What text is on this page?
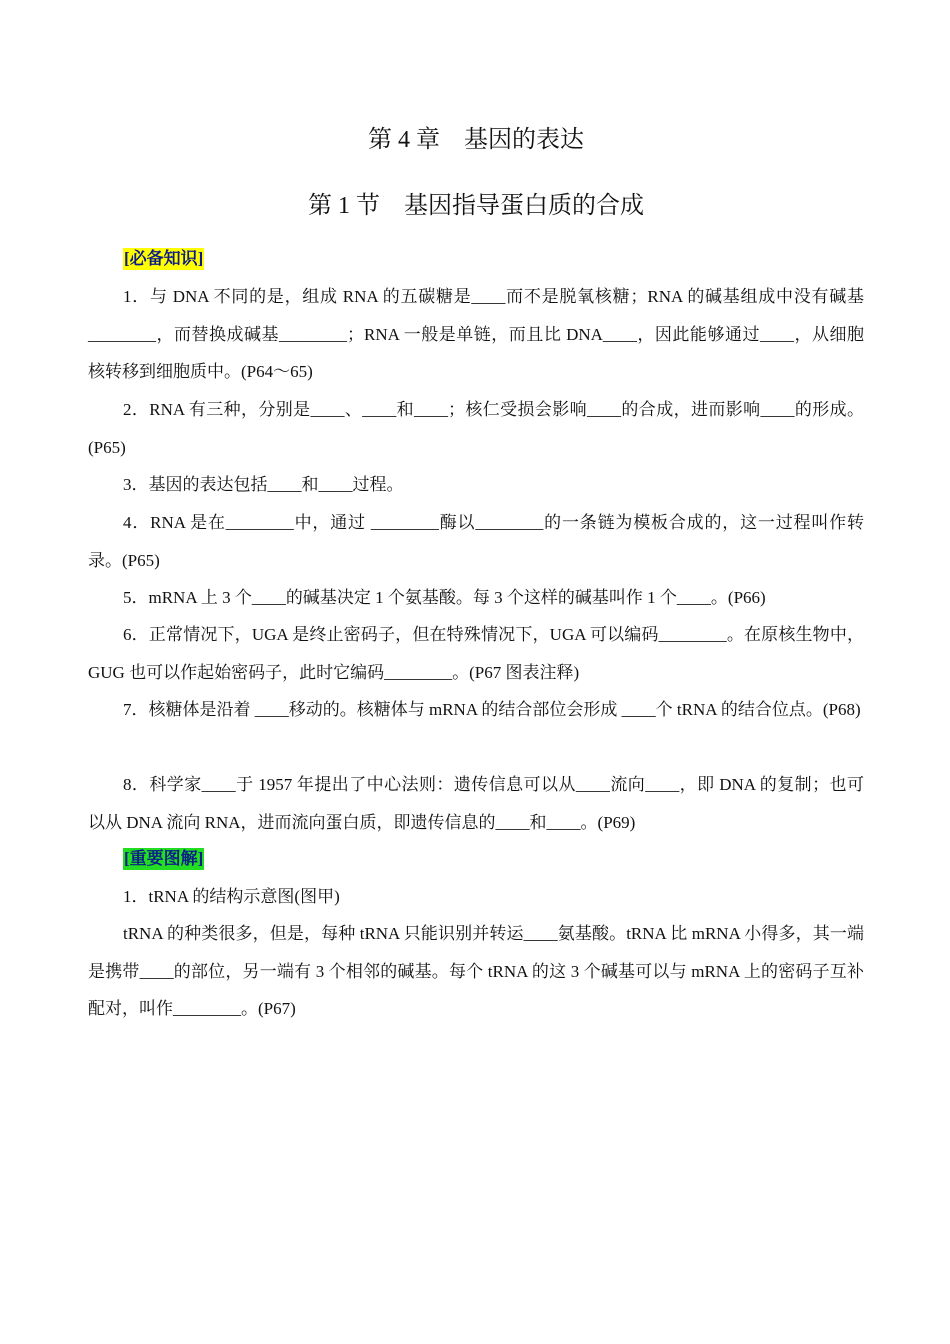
第 4 章　基因的表达
第 1 节　基因指导蛋白质的合成
[必备知识]
1．与 DNA 不同的是，组成 RNA 的五碳糖是____而不是脱氧核糖；RNA 的碱基组成中没有碱基________，而替换成碱基________；RNA 一般是单链，而且比 DNA____，因此能够通过____，从细胞核转移到细胞质中。(P64～65)
2．RNA 有三种，分别是____、____和____；核仁受损会影响____的合成，进而影响____的形成。(P65)
3．基因的表达包括____和____过程。
4．RNA 是在________中，通过 ________酶以________的一条链为模板合成的，这一过程叫作转录。(P65)
5．mRNA 上 3 个____的碱基决定 1 个氨基酸。每 3 个这样的碱基叫作 1 个____。(P66)
6．正常情况下，UGA 是终止密码子，但在特殊情况下，UGA 可以编码________。在原核生物中，GUG 也可以作起始密码子，此时它编码________。(P67 图表注释)
7．核糖体是沿着 ____移动的。核糖体与 mRNA 的结合部位会形成 ____个 tRNA 的结合位点。(P68)
8．科学家____于 1957 年提出了中心法则：遗传信息可以从____流向____，即 DNA 的复制；也可以从 DNA 流向 RNA，进而流向蛋白质，即遗传信息的____和____。(P69)
[重要图解]
1．tRNA 的结构示意图(图甲)
tRNA 的种类很多，但是，每种 tRNA 只能识别并转运____氨基酸。tRNA 比 mRNA 小得多，其一端是携带____的部位，另一端有 3 个相邻的碱基。每个 tRNA 的这 3 个碱基可以与 mRNA 上的密码子互补配对，叫作________。(P67)
